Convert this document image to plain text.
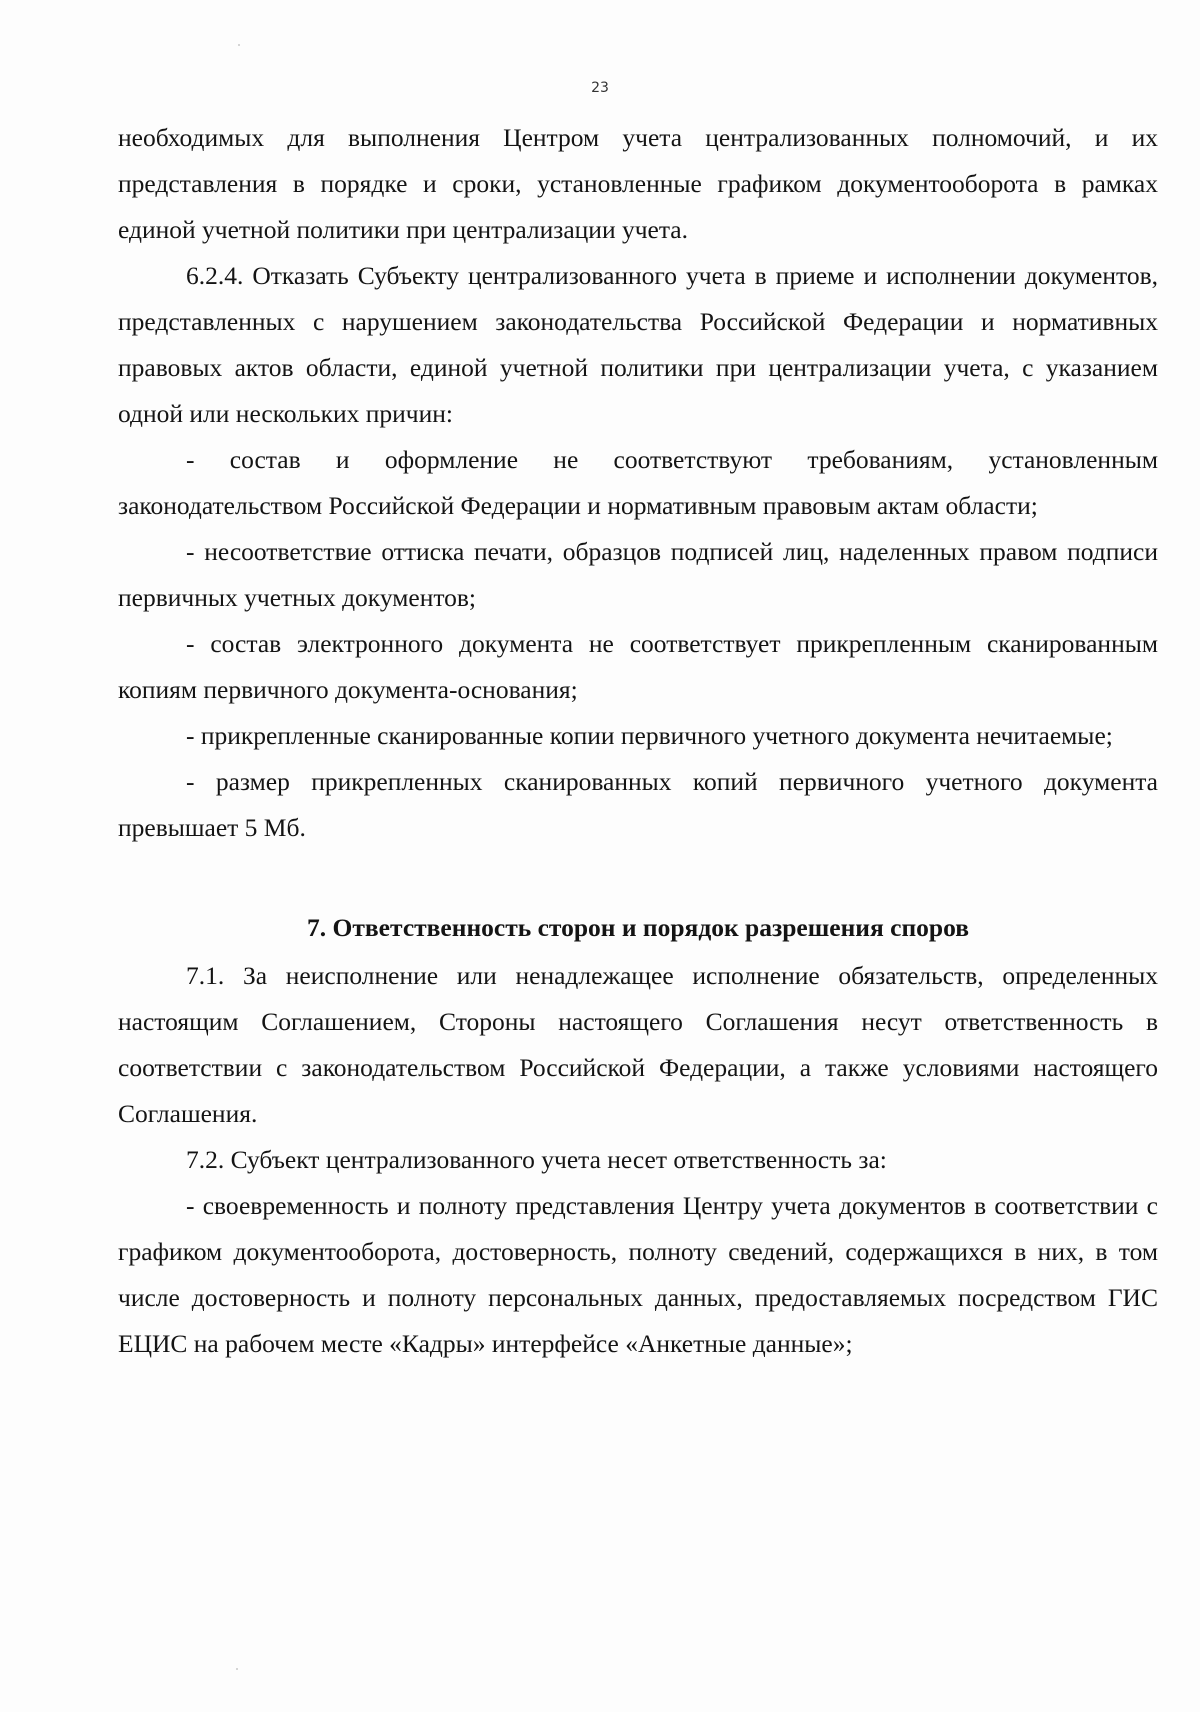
23

необходимых для выполнения Центром учета централизованных полномочий, и их представления в порядке и сроки, установленные графиком документооборота в рамках единой учетной политики при централизации учета.

6.2.4. Отказать Субъекту централизованного учета в приеме и исполнении документов, представленных с нарушением законодательства Российской Федерации и нормативных правовых актов области, единой учетной политики при централизации учета, с указанием одной или нескольких причин:

- состав и оформление не соответствуют требованиям, установленным законодательством Российской Федерации и нормативным правовым актам области;

- несоответствие оттиска печати, образцов подписей лиц, наделенных правом подписи первичных учетных документов;

- состав электронного документа не соответствует прикрепленным сканированным копиям первичного документа-основания;

- прикрепленные сканированные копии первичного учетного документа нечитаемые;

- размер прикрепленных сканированных копий первичного учетного документа превышает 5 Мб.

7. Ответственность сторон и порядок разрешения споров

7.1. За неисполнение или ненадлежащее исполнение обязательств, определенных настоящим Соглашением, Стороны настоящего Соглашения несут ответственность в соответствии с законодательством Российской Федерации, а также условиями настоящего Соглашения.

7.2. Субъект централизованного учета несет ответственность за:

- своевременность и полноту представления Центру учета документов в соответствии с графиком документооборота, достоверность, полноту сведений, содержащихся в них, в том числе достоверность и полноту персональных данных, предоставляемых посредством ГИС ЕЦИС на рабочем месте «Кадры» интерфейсе «Анкетные данные»;
